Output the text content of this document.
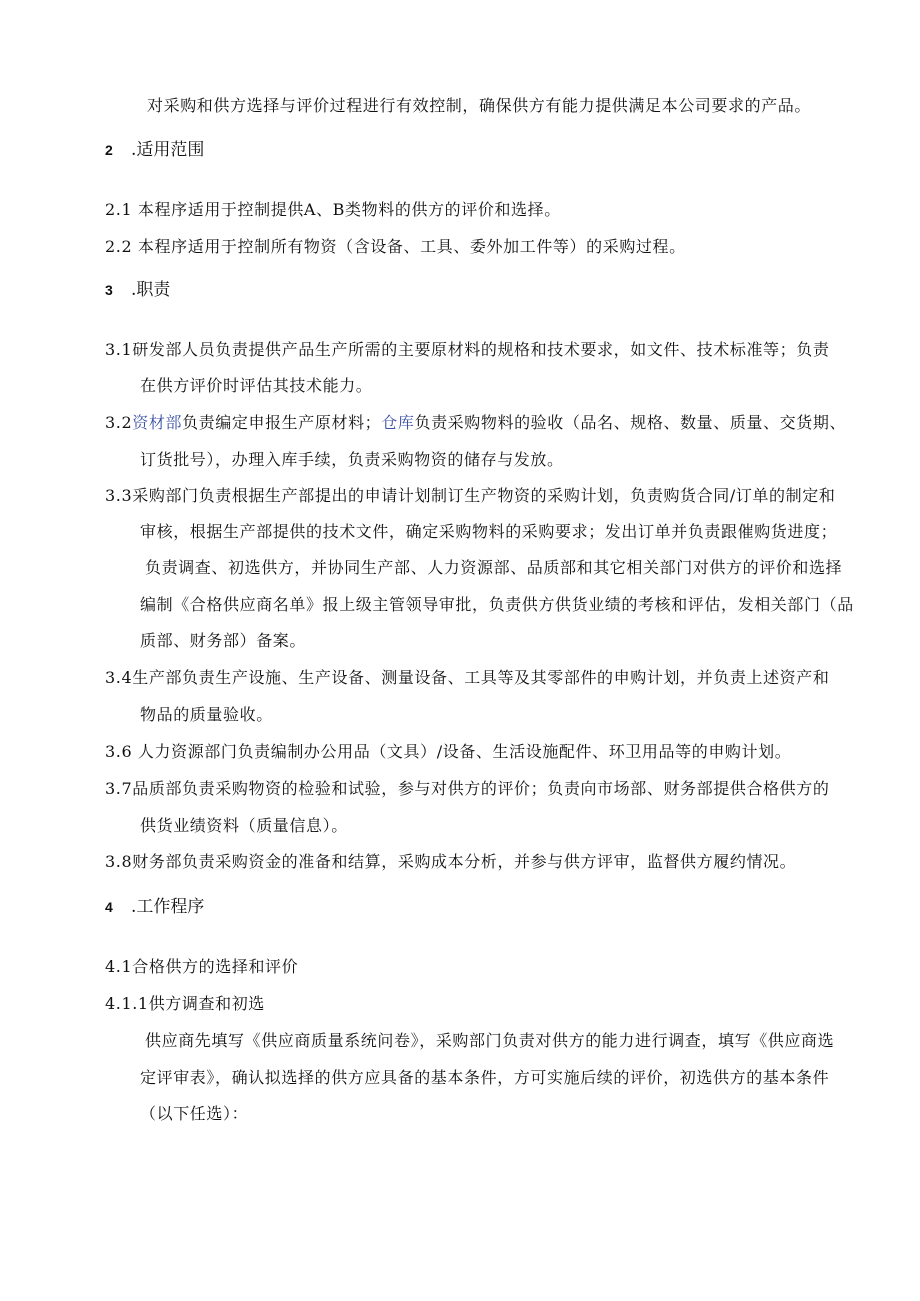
对采购和供方选择与评价过程进行有效控制，确保供方有能力提供满足本公司要求的产品。
2 .适用范围
2.1 本程序适用于控制提供A、B类物料的供方的评价和选择。
2.2 本程序适用于控制所有物资（含设备、工具、委外加工件等）的采购过程。
3 .职责
3.1研发部人员负责提供产品生产所需的主要原材料的规格和技术要求，如文件、技术标准等；负责
在供方评价时评估其技术能力。
3.2资材部负责编定申报生产原材料；仓库负责采购物料的验收（品名、规格、数量、质量、交货期、
订货批号），办理入库手续，负责采购物资的储存与发放。
3.3采购部门负责根据生产部提出的申请计划制订生产物资的采购计划，负责购货合同/订单的制定和
审核，根据生产部提供的技术文件，确定采购物料的采购要求；发出订单并负责跟催购货进度；
负责调查、初选供方，并协同生产部、人力资源部、品质部和其它相关部门对供方的评价和选择
编制《合格供应商名单》报上级主管领导审批，负责供方供货业绩的考核和评估，发相关部门（品
质部、财务部）备案。
3.4生产部负责生产设施、生产设备、测量设备、工具等及其零部件的申购计划，并负责上述资产和
物品的质量验收。
3.6 人力资源部门负责编制办公用品（文具）/设备、生活设施配件、环卫用品等的申购计划。
3.7品质部负责采购物资的检验和试验，参与对供方的评价；负责向市场部、财务部提供合格供方的
供货业绩资料（质量信息）。
3.8财务部负责采购资金的准备和结算，采购成本分析，并参与供方评审，监督供方履约情况。
4 .工作程序
4.1合格供方的选择和评价
4.1.1供方调查和初选
供应商先填写《供应商质量系统问卷》，采购部门负责对供方的能力进行调查，填写《供应商选
定评审表》，确认拟选择的供方应具备的基本条件，方可实施后续的评价，初选供方的基本条件
（以下任选）：
